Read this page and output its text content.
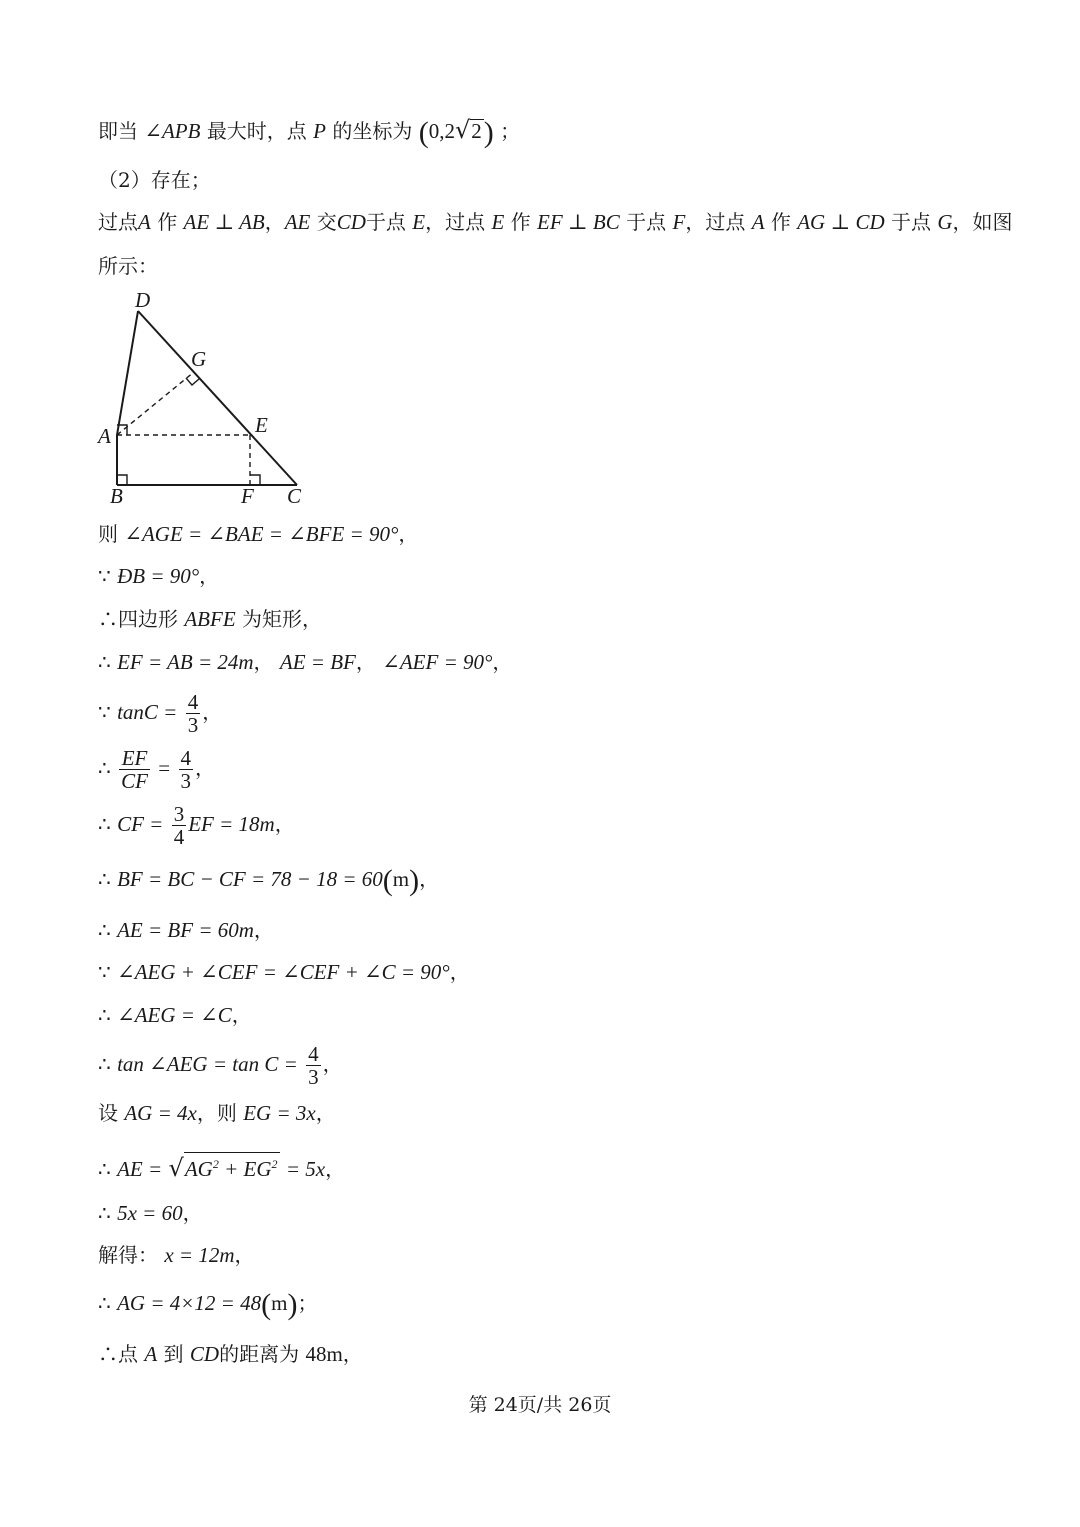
即当 ∠APB 最大时，点 P 的坐标为 (0,2√2) ；
（2）存在；
过点A 作 AE ⊥ AB，AE 交CD于点 E，过点 E 作 EF ⊥ BC 于点 F，过点 A 作 AG ⊥ CD 于点 G，如图
所示：
D
G
A	E
B	F C
则 ∠AGE = ∠BAE = ∠BFE = 90°，
∵ ÐB = 90°，
∴四边形 ABFE 为矩形，
∴ EF = AB = 24m， AE = BF， ∠AEF = 90°，
∵ $\tan C = \frac{4}{3}$ ，
∴ $\frac{EF}{CF} = \frac{4}{3}$ ，
∴ CF = $\frac{3}{4}$ EF = 18m，
∴ BF = BC − CF = 78 − 18 = 60(m)，
∴ AE = BF = 60m，
∵ ∠AEG + ∠CEF = ∠CEF + ∠C = 90°，
∴ ∠AEG = ∠C，
∴ tan ∠AEG = $\tan C = \frac{4}{3}$ ，
设 AG = 4x，则 EG = 3x，
∴ AE = $√AG^2 + EG^2 = 5x$，
∴ 5x = 60，
解得： x = 12m，
∴ AG = 4×12 = 48(m)；
∴点 A 到 CD的距离为 48m，
第 24页/共 26页
